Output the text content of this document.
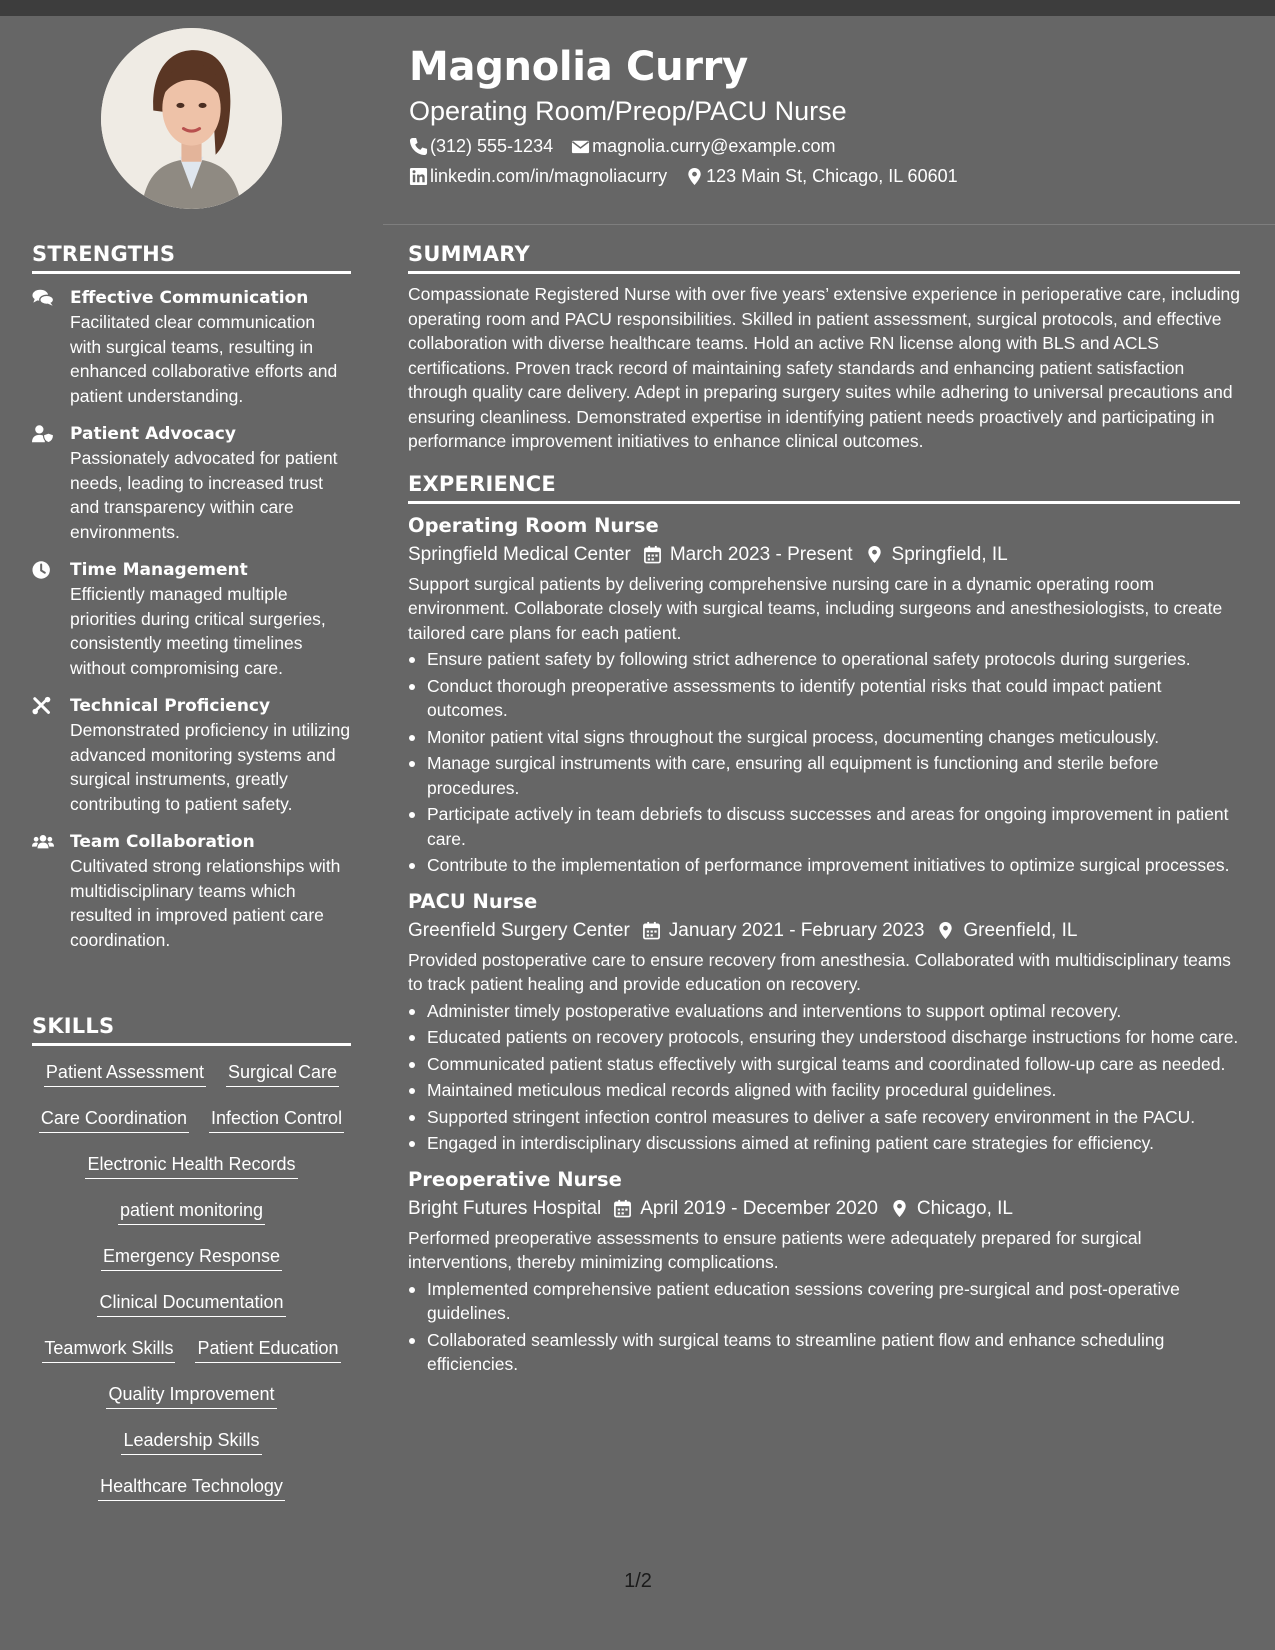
STRENGTHS
Effective Communication
Facilitated clear communication with surgical teams, resulting in enhanced collaborative efforts and patient understanding.
Patient Advocacy
Passionately advocated for patient needs, leading to increased trust and transparency within care environments.
Time Management
Efficiently managed multiple priorities during critical surgeries, consistently meeting timelines without compromising care.
Technical Proficiency
Demonstrated proficiency in utilizing advanced monitoring systems and surgical instruments, greatly contributing to patient safety.
Team Collaboration
Cultivated strong relationships with multidisciplinary teams which resulted in improved patient care coordination.
SKILLS
Patient Assessment Surgical Care
Care Coordination Infection Control
Electronic Health Records
patient monitoring
Emergency Response
Clinical Documentation
Teamwork Skills Patient Education
Quality Improvement
Leadership Skills
Healthcare Technology
Magnolia Curry
Operating Room/Preop/PACU Nurse
(312) 555-1234 magnolia.curry@example.com
linkedin.com/in/magnoliacurry 123 Main St, Chicago, IL 60601
SUMMARY

Compassionate Registered Nurse with over five years’ extensive experience in perioperative care, including operating room and PACU responsibilities. Skilled in patient assessment, surgical protocols, and effective collaboration with diverse healthcare teams. Hold an active RN license along with BLS and ACLS certifications. Proven track record of maintaining safety standards and enhancing patient satisfaction through quality care delivery. Adept in preparing surgery suites while adhering to universal precautions and ensuring cleanliness. Demonstrated expertise in identifying patient needs proactively and participating in performance improvement initiatives to enhance clinical outcomes.

EXPERIENCE
Operating Room Nurse
Springfield Medical Center March 2023 - Present Springfield, IL

Support surgical patients by delivering comprehensive nursing care in a dynamic operating room environment. Collaborate closely with surgical teams, including surgeons and anesthesiologists, to create tailored care plans for each patient.

Ensure patient safety by following strict adherence to operational safety protocols during surgeries.
Conduct thorough preoperative assessments to identify potential risks that could impact patient outcomes.
Monitor patient vital signs throughout the surgical process, documenting changes meticulously.
Manage surgical instruments with care, ensuring all equipment is functioning and sterile before procedures.
Participate actively in team debriefs to discuss successes and areas for ongoing improvement in patient care.
Contribute to the implementation of performance improvement initiatives to optimize surgical processes.
PACU Nurse
Greenfield Surgery Center January 2021 - February 2023 Greenfield, IL

Provided postoperative care to ensure recovery from anesthesia. Collaborated with multidisciplinary teams to track patient healing and provide education on recovery.

Administer timely postoperative evaluations and interventions to support optimal recovery.
Educated patients on recovery protocols, ensuring they understood discharge instructions for home care.
Communicated patient status effectively with surgical teams and coordinated follow-up care as needed.
Maintained meticulous medical records aligned with facility procedural guidelines.
Supported stringent infection control measures to deliver a safe recovery environment in the PACU.
Engaged in interdisciplinary discussions aimed at refining patient care strategies for efficiency.
Preoperative Nurse
Bright Futures Hospital April 2019 - December 2020 Chicago, IL

Performed preoperative assessments to ensure patients were adequately prepared for surgical interventions, thereby minimizing complications.

Implemented comprehensive patient education sessions covering pre-surgical and post-operative guidelines.
Collaborated seamlessly with surgical teams to streamline patient flow and enhance scheduling efficiencies.
1/2
